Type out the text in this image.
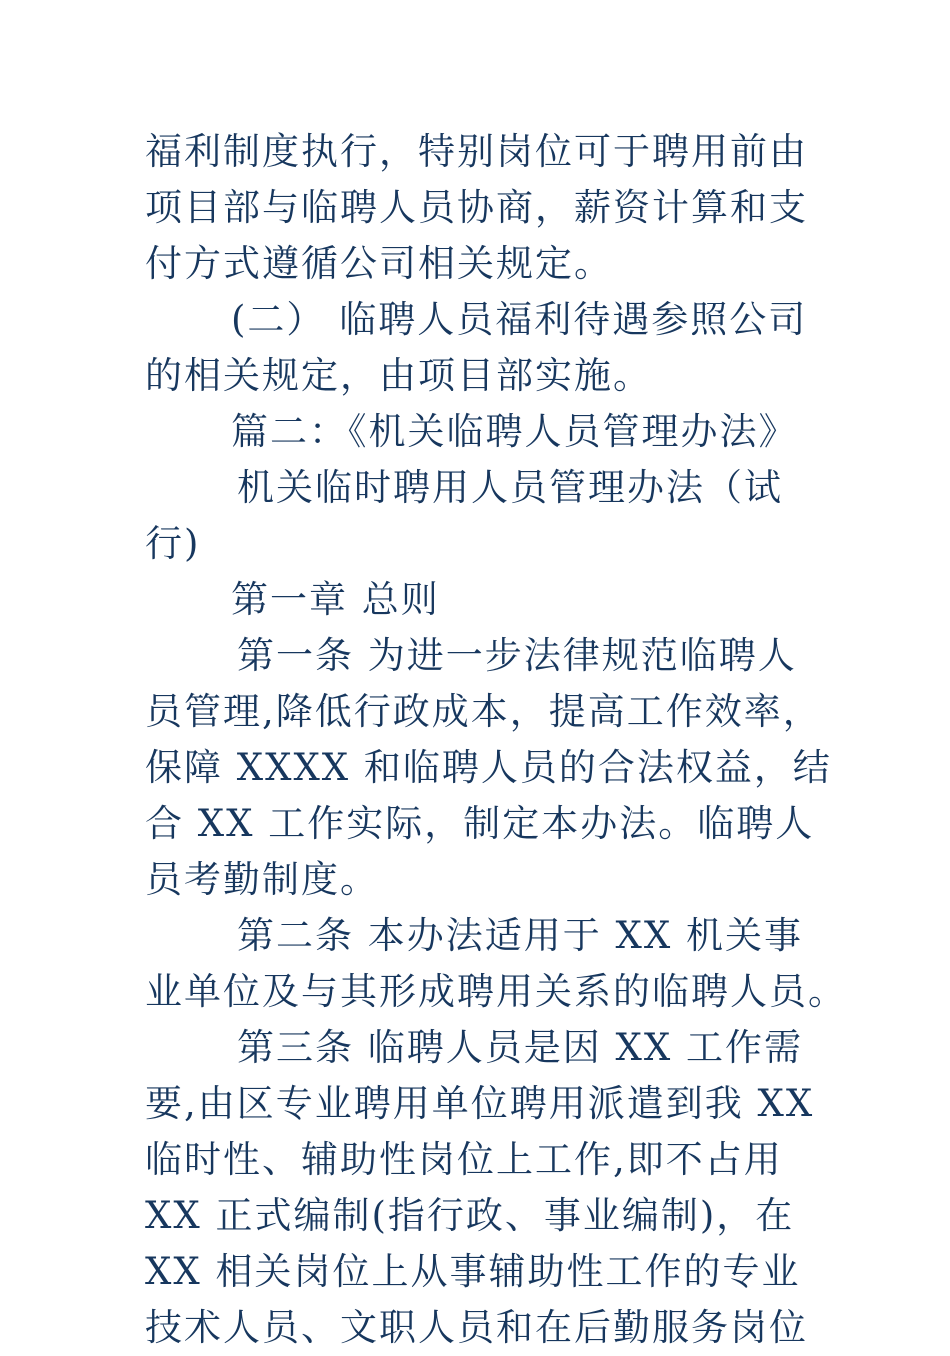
福利制度执行，特别岗位可于聘用前由
项目部与临聘人员协商，薪资计算和支
付方式遵循公司相关规定。
(二） 临聘人员福利待遇参照公司
的相关规定，由项目部实施。
篇二：《机关临聘人员管理办法》
机关临时聘用人员管理办法（试
行)
第一章 总则
第一条 为进一步法律规范临聘人
员管理,降低行政成本，提高工作效率，
保障 XXXX 和临聘人员的合法权益，结
合 XX 工作实际，制定本办法。临聘人
员考勤制度。
第二条 本办法适用于 XX 机关事
业单位及与其形成聘用关系的临聘人员。
第三条 临聘人员是因 XX 工作需
要,由区专业聘用单位聘用派遣到我 XX
临时性、辅助性岗位上工作,即不占用
XX 正式编制(指行政、事业编制)，在
XX 相关岗位上从事辅助性工作的专业
技术人员、文职人员和在后勤服务岗位
